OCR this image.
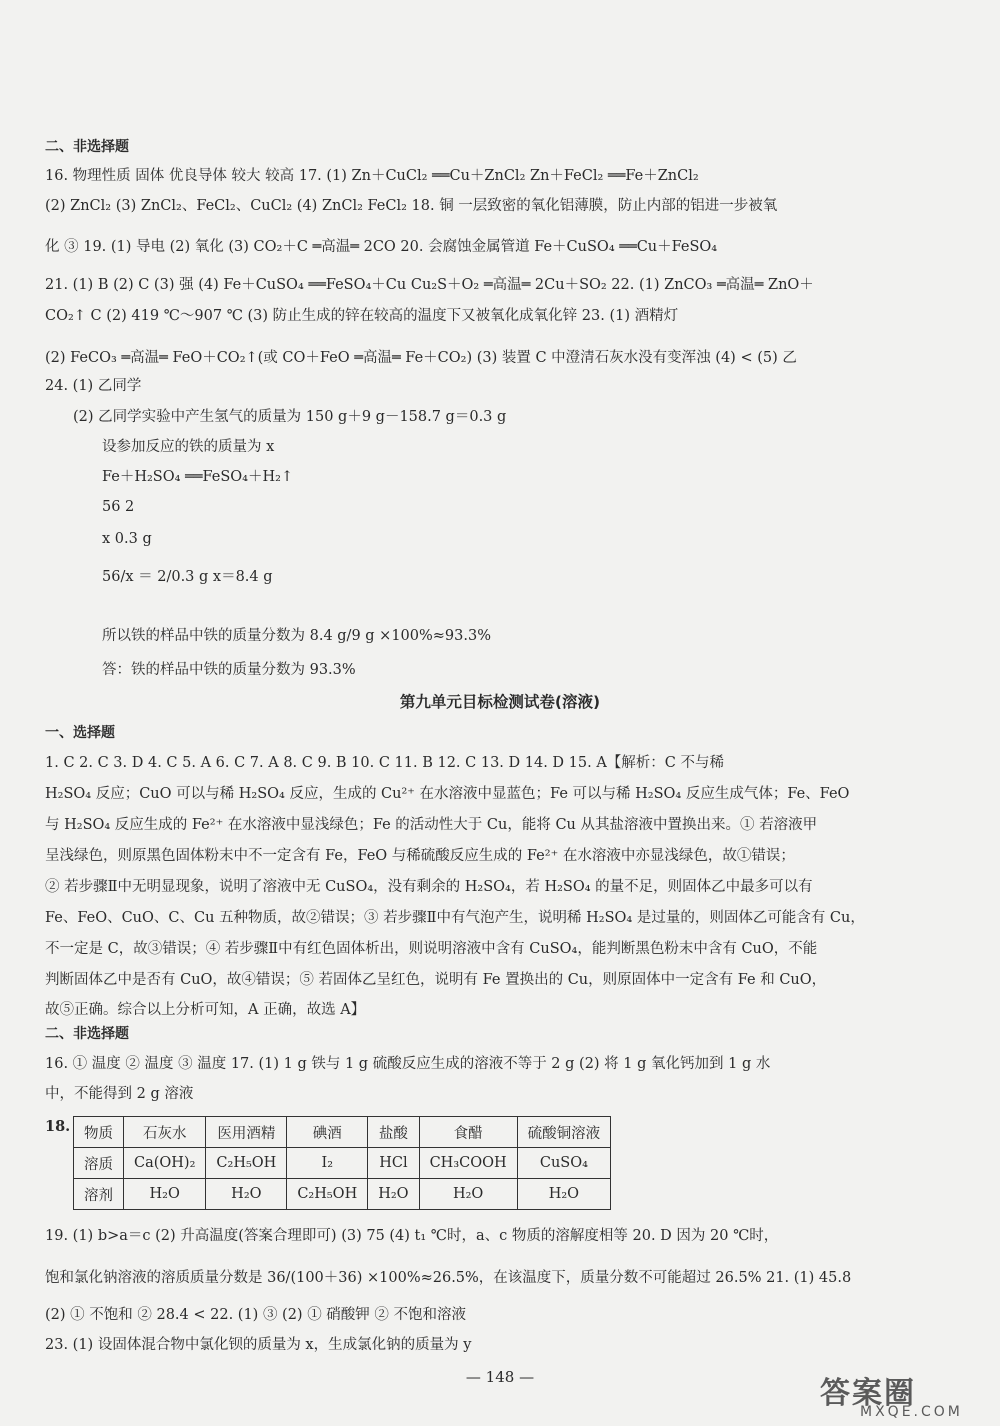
二、非选择题
16. 物理性质 固体 优良导体 较大 较高 17. (1) Zn＋CuCl₂ ══Cu＋ZnCl₂ Zn＋FeCl₂ ══Fe＋ZnCl₂
(2) ZnCl₂ (3) ZnCl₂、FeCl₂、CuCl₂ (4) ZnCl₂ FeCl₂ 18. 铜 一层致密的氧化铝薄膜，防止内部的铝进一步被氧
化 ③ 19. (1) 导电 (2) 氧化 (3) CO₂＋C ═高温═ 2CO 20. 会腐蚀金属管道 Fe＋CuSO₄ ══Cu＋FeSO₄
21. (1) B (2) C (3) 强 (4) Fe＋CuSO₄ ══FeSO₄＋Cu Cu₂S＋O₂ ═高温═ 2Cu＋SO₂ 22. (1) ZnCO₃ ═高温═ ZnO＋
CO₂↑ C (2) 419 ℃～907 ℃ (3) 防止生成的锌在较高的温度下又被氧化成氧化锌 23. (1) 酒精灯
(2) FeCO₃ ═高温═ FeO＋CO₂↑(或 CO＋FeO ═高温═ Fe＋CO₂) (3) 装置 C 中澄清石灰水没有变浑浊 (4) < (5) 乙
24. (1) 乙同学
(2) 乙同学实验中产生氢气的质量为 150 g＋9 g－158.7 g＝0.3 g
设参加反应的铁的质量为 x
Fe＋H₂SO₄ ══FeSO₄＋H₂↑
56 2
x 0.3 g
56/x ＝ 2/0.3 g x＝8.4 g
所以铁的样品中铁的质量分数为 8.4 g/9 g ×100%≈93.3%
答：铁的样品中铁的质量分数为 93.3%
一、选择题
1. C 2. C 3. D 4. C 5. A 6. C 7. A 8. C 9. B 10. C 11. B 12. C 13. D 14. D 15. A【解析：C 不与稀
H₂SO₄ 反应；CuO 可以与稀 H₂SO₄ 反应，生成的 Cu²⁺ 在水溶液中显蓝色；Fe 可以与稀 H₂SO₄ 反应生成气体；Fe、FeO
与 H₂SO₄ 反应生成的 Fe²⁺ 在水溶液中显浅绿色；Fe 的活动性大于 Cu，能将 Cu 从其盐溶液中置换出来。① 若溶液甲
呈浅绿色，则原黑色固体粉末中不一定含有 Fe，FeO 与稀硫酸反应生成的 Fe²⁺ 在水溶液中亦显浅绿色，故①错误；
② 若步骤Ⅱ中无明显现象，说明了溶液中无 CuSO₄，没有剩余的 H₂SO₄，若 H₂SO₄ 的量不足，则固体乙中最多可以有
Fe、FeO、CuO、C、Cu 五种物质，故②错误；③ 若步骤Ⅱ中有气泡产生，说明稀 H₂SO₄ 是过量的，则固体乙可能含有 Cu，
不一定是 C，故③错误；④ 若步骤Ⅱ中有红色固体析出，则说明溶液中含有 CuSO₄，能判断黑色粉末中含有 CuO，不能
判断固体乙中是否有 CuO，故④错误；⑤ 若固体乙呈红色，说明有 Fe 置换出的 Cu，则原固体中一定含有 Fe 和 CuO，
故⑤正确。综合以上分析可知，A 正确，故选 A】
二、非选择题
16. ① 温度 ② 温度 ③ 温度 17. (1) 1 g 铁与 1 g 硫酸反应生成的溶液不等于 2 g (2) 将 1 g 氧化钙加到 1 g 水
中，不能得到 2 g 溶液
19. (1) b>a＝c (2) 升高温度(答案合理即可) (3) 75 (4) t₁ ℃时，a、c 物质的溶解度相等 20. D 因为 20 ℃时，
饱和氯化钠溶液的溶质质量分数是 36/(100＋36) ×100%≈26.5%，在该温度下，质量分数不可能超过 26.5% 21. (1) 45.8
(2) ① 不饱和 ② 28.4 < 22. (1) ③ (2) ① 硝酸钾 ② 不饱和溶液
23. (1) 设固体混合物中氯化钡的质量为 x，生成氯化钠的质量为 y
第九单元目标检测试卷(溶液)
18. 物质	石灰水	医用酒精	碘酒	盐酸	食醋	硫酸铜溶液
溶质	Ca(OH)₂	C₂H₅OH	I₂	HCl	CH₃COOH	CuSO₄
溶剂	H₂O	H₂O	C₂H₅OH	H₂O	H₂O	H₂O
— 148 —	答案圈
MXQE.COM
